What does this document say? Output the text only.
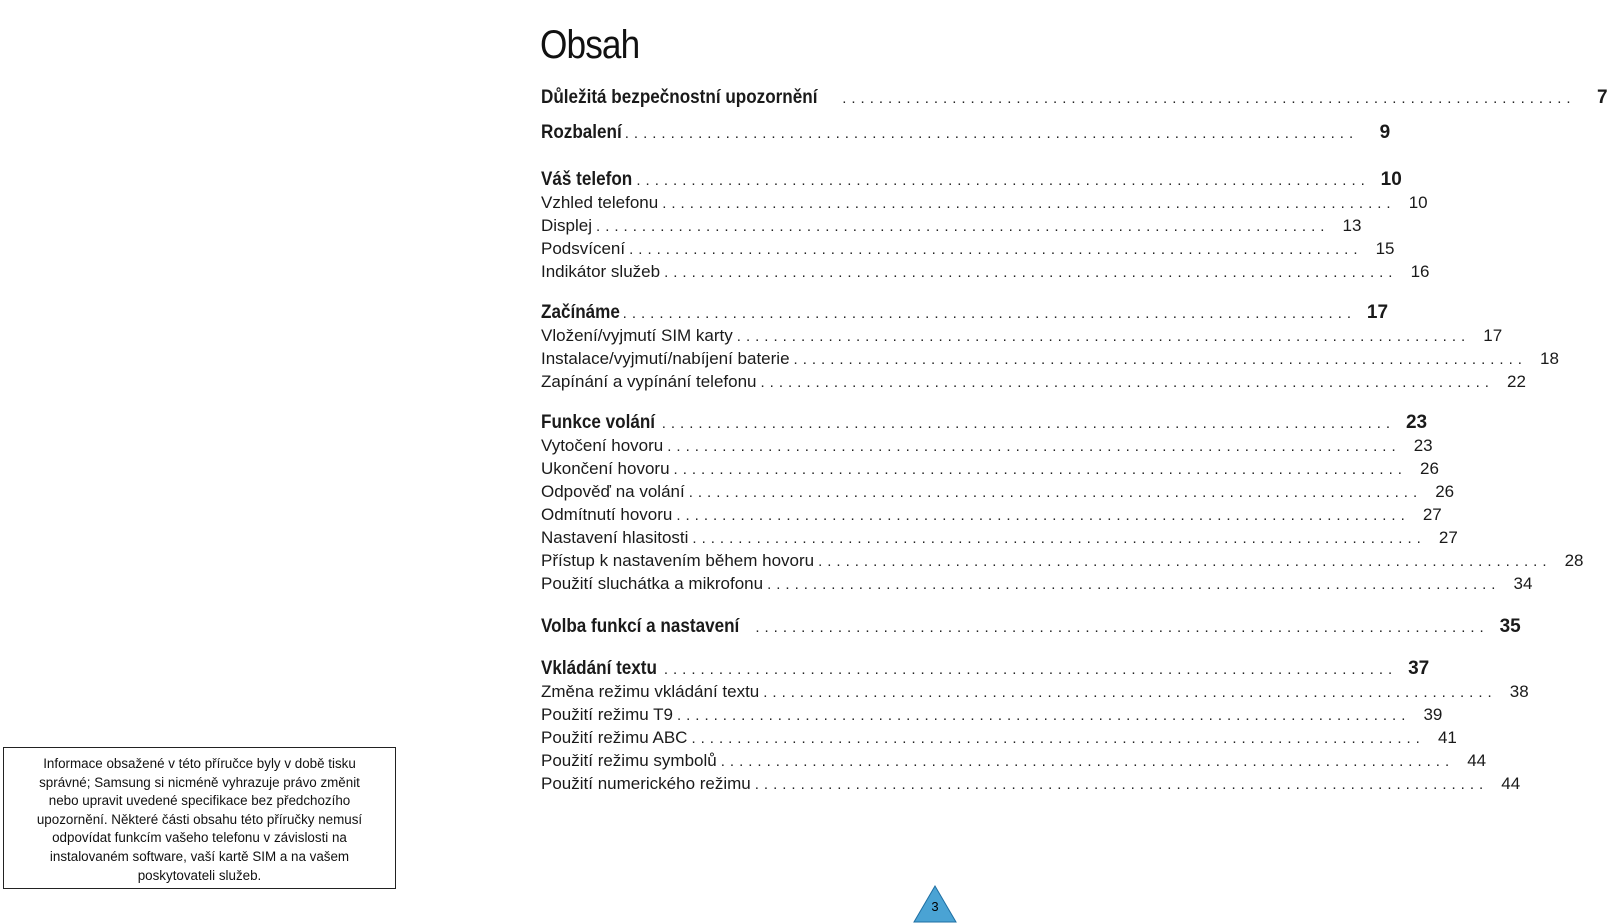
Obsah
Důležitá bezpečnostní upozornění ................................................................................	7
Rozbalení ................................................................................	9
Váš telefon ................................................................................ 10
Vzhled telefonu ................................................................................ 10
Displej ................................................................................ 13
Podsvícení ................................................................................ 15
Indikátor služeb ................................................................................ 16
Začínáme ................................................................................ 17
Vložení/vyjmutí SIM karty ................................................................................ 17
Instalace/vyjmutí/nabíjení baterie ................................................................................ 18
Zapínání a vypínání telefonu ................................................................................ 22
Funkce volání ................................................................................ 23
Vytočení hovoru ................................................................................ 23
Ukončení hovoru ................................................................................ 26
Odpověď na volání ................................................................................ 26
Odmítnutí hovoru ................................................................................ 27
Nastavení hlasitosti ................................................................................ 27
Přístup k nastavením během hovoru ................................................................................ 28
Použití sluchátka a mikrofonu ................................................................................ 34
Volba funkcí a nastavení ................................................................................ 35
Vkládání textu ................................................................................ 37
Změna režimu vkládání textu ................................................................................ 38
Použití režimu T9 ................................................................................ 39
Použití režimu ABC ................................................................................ 41
Použití režimu symbolů ................................................................................ 44
Použití numerického režimu ................................................................................ 44
Informace obsažené v této příručce byly v době tisku
správné; Samsung si nicméně vyhrazuje právo změnit
nebo upravit uvedené specifikace bez předchozího
upozornění. Některé části obsahu této příručky nemusí
odpovídat funkcím vašeho telefonu v závislosti na
instalovaném software, vaší kartě SIM a na vašem
poskytovateli služeb.
3
